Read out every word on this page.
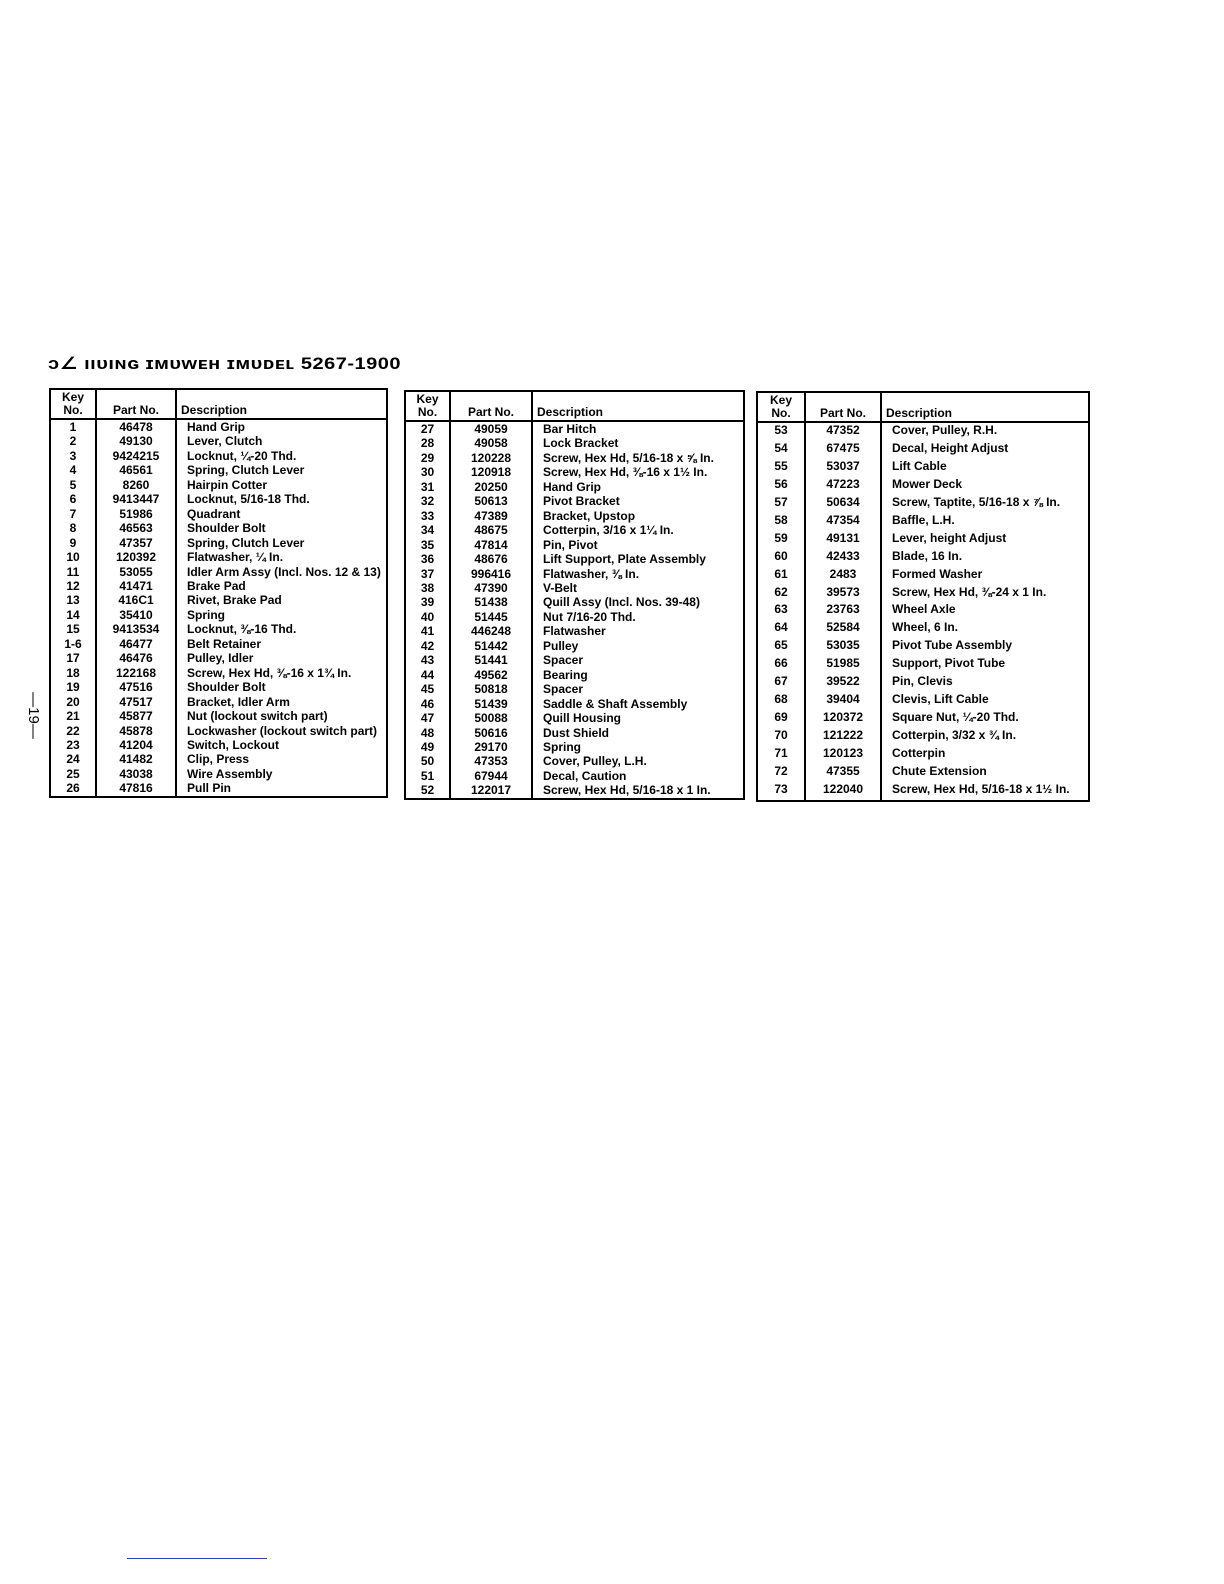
ɔ∠ ııᴜıɴɢ ɪᴍᴜᴡᴇʜ ɪᴍᴜᴅᴇʟ 5267-1900
—19—
Key No.	Part No.	Description
1	46478	Hand Grip
2	49130	Lever, Clutch
3	9424215	Locknut, ¼-20 Thd.
4	46561	Spring, Clutch Lever
5	8260	Hairpin Cotter
6	9413447	Locknut, 5/16-18 Thd.
7	51986	Quadrant
8	46563	Shoulder Bolt
9	47357	Spring, Clutch Lever
10	120392	Flatwasher, ¼ In.
11	53055	Idler Arm Assy (Incl. Nos. 12 & 13)
12	41471	Brake Pad
13	416C1	Rivet, Brake Pad
14	35410	Spring
15	9413534	Locknut, ⅜-16 Thd.
1-6	46477	Belt Retainer
17	46476	Pulley, Idler
18	122168	Screw, Hex Hd, ⅜-16 x 1¾ In.
19	47516	Shoulder Bolt
20	47517	Bracket, Idler Arm
21	45877	Nut (lockout switch part)
22	45878	Lockwasher (lockout switch part)
23	41204	Switch, Lockout
24	41482	Clip, Press
25	43038	Wire Assembly
26	47816	Pull Pin

Key No.	Part No.	Description
27	49059	Bar Hitch
28	49058	Lock Bracket
29	120228	Screw, Hex Hd, 5/16-18 x ⅝ In.
30	120918	Screw, Hex Hd, ⅜-16 x 1½ In.
31	20250	Hand Grip
32	50613	Pivot Bracket
33	47389	Bracket, Upstop
34	48675	Cotterpin, 3/16 x 1¼ In.
35	47814	Pin, Pivot
36	48676	Lift Support, Plate Assembly
37	996416	Flatwasher, ⅜ In.
38	47390	V-Belt
39	51438	Quill Assy (Incl. Nos. 39-48)
40	51445	Nut 7/16-20 Thd.
41	446248	Flatwasher
42	51442	Pulley
43	51441	Spacer
44	49562	Bearing
45	50818	Spacer
46	51439	Saddle & Shaft Assembly
47	50088	Quill Housing
48	50616	Dust Shield
49	29170	Spring
50	47353	Cover, Pulley, L.H.
51	67944	Decal, Caution
52	122017	Screw, Hex Hd, 5/16-18 x 1 In.

Key No.	Part No.	Description
53	47352	Cover, Pulley, R.H.
54	67475	Decal, Height Adjust
55	53037	Lift Cable
56	47223	Mower Deck
57	50634	Screw, Taptite, 5/16-18 x ⅞ In.
58	47354	Baffle, L.H.
59	49131	Lever, height Adjust
60	42433	Blade, 16 In.
61	2483	Formed Washer
62	39573	Screw, Hex Hd, ⅜-24 x 1 In.
63	23763	Wheel Axle
64	52584	Wheel, 6 In.
65	53035	Pivot Tube Assembly
66	51985	Support, Pivot Tube
67	39522	Pin, Clevis
68	39404	Clevis, Lift Cable
69	120372	Square Nut, ¼-20 Thd.
70	121222	Cotterpin, 3/32 x ¾ In.
71	120123	Cotterpin
72	47355	Chute Extension
73	122040	Screw, Hex Hd, 5/16-18 x 1½ In.
